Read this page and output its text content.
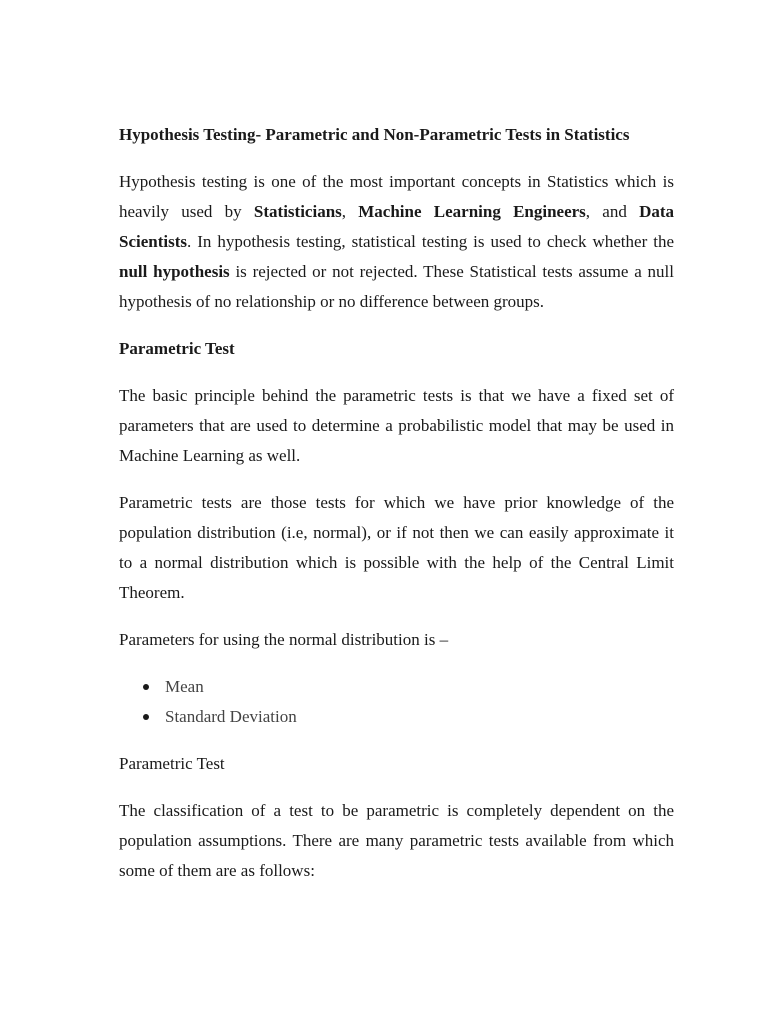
Hypothesis Testing- Parametric and Non-Parametric Tests in Statistics

Hypothesis testing is one of the most important concepts in Statistics which is heavily used by Statisticians, Machine Learning Engineers, and Data Scientists. In hypothesis testing, statistical testing is used to check whether the null hypothesis is rejected or not rejected. These Statistical tests assume a null hypothesis of no relationship or no difference between groups.

Parametric Test

The basic principle behind the parametric tests is that we have a fixed set of parameters that are used to determine a probabilistic model that may be used in Machine Learning as well.

Parametric tests are those tests for which we have prior knowledge of the population distribution (i.e, normal), or if not then we can easily approximate it to a normal distribution which is possible with the help of the Central Limit Theorem.

Parameters for using the normal distribution is –

Mean
Standard Deviation
Parametric Test

The classification of a test to be parametric is completely dependent on the population assumptions. There are many parametric tests available from which some of them are as follows:
